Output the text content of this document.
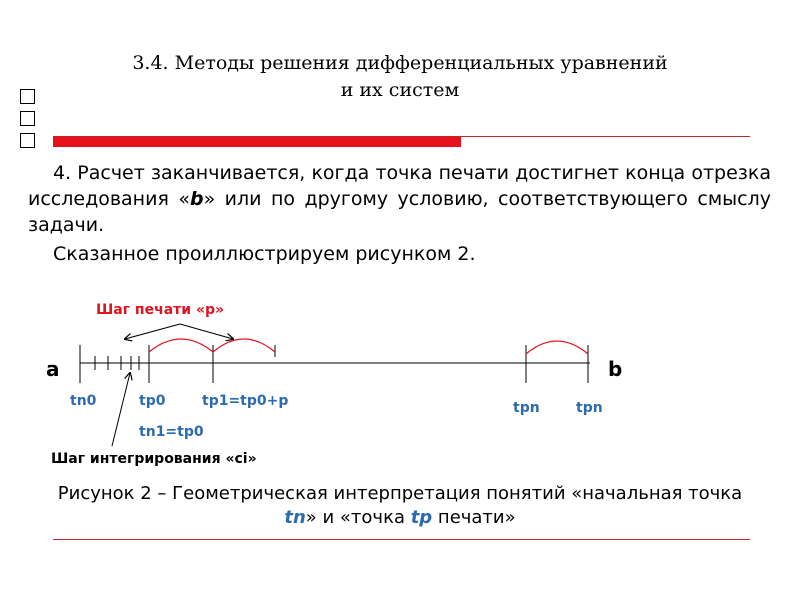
3.4. Методы решения дифференциальных уравнений
и их систем

4. Расчет заканчивается, когда точка печати достигнет конца отрезка исследования «b» или по другому условию, соответствующего смыслу задачи.

Сказанное проиллюстрируем рисунком 2.

Шаг печати «p»
a	b
tn0	tp0	tp1=tp0+p
tn1=tp0
tpn	tpn
Шаг интегрирования «ci»
Рисунок 2 – Геометрическая интерпретация понятий «начальная точка tn» и «точка tp печати»
